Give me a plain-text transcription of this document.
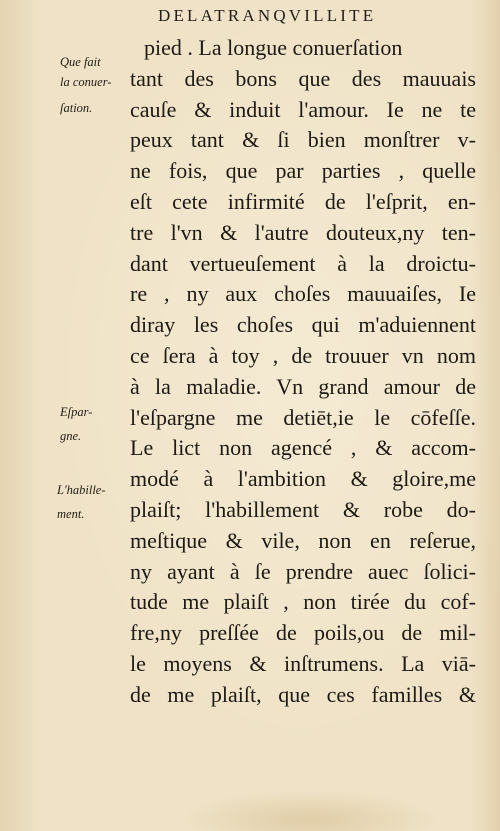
DELATRANQVILLITE
pied . La longue conuerſation
tant des bons que des mauuais
cauſe & induit l'amour. Ie ne te
peux tant & ſi bien monſtrer v-
ne fois, que par parties , quelle
eſt cete infirmité de l'eſprit, en-
tre l'vn & l'autre douteux,ny ten-
dant vertueuſement à la droictu-
re , ny aux choſes mauuaiſes, Ie
diray les choſes qui m'aduiennent
ce ſera à toy , de trouuer vn nom
à la maladie. Vn grand amour de
l'eſpargne me detiēt,ie le cōfeſſe.
Le lict non agencé , & accom-
modé à l'ambition & gloire,me
plaiſt; l'habillement & robe do-
meſtique & vile, non en reſerue,
ny ayant à ſe prendre auec ſolici-
tude me plaiſt , non tirée du cof-
fre,ny preſſée de poils,ou de mil-
le moyens & inſtrumens. La viā-
de me plaiſt, que ces familles &
Que fait
la conuer-
ſation.
Eſpar-
gne.
L'habille-
ment.
